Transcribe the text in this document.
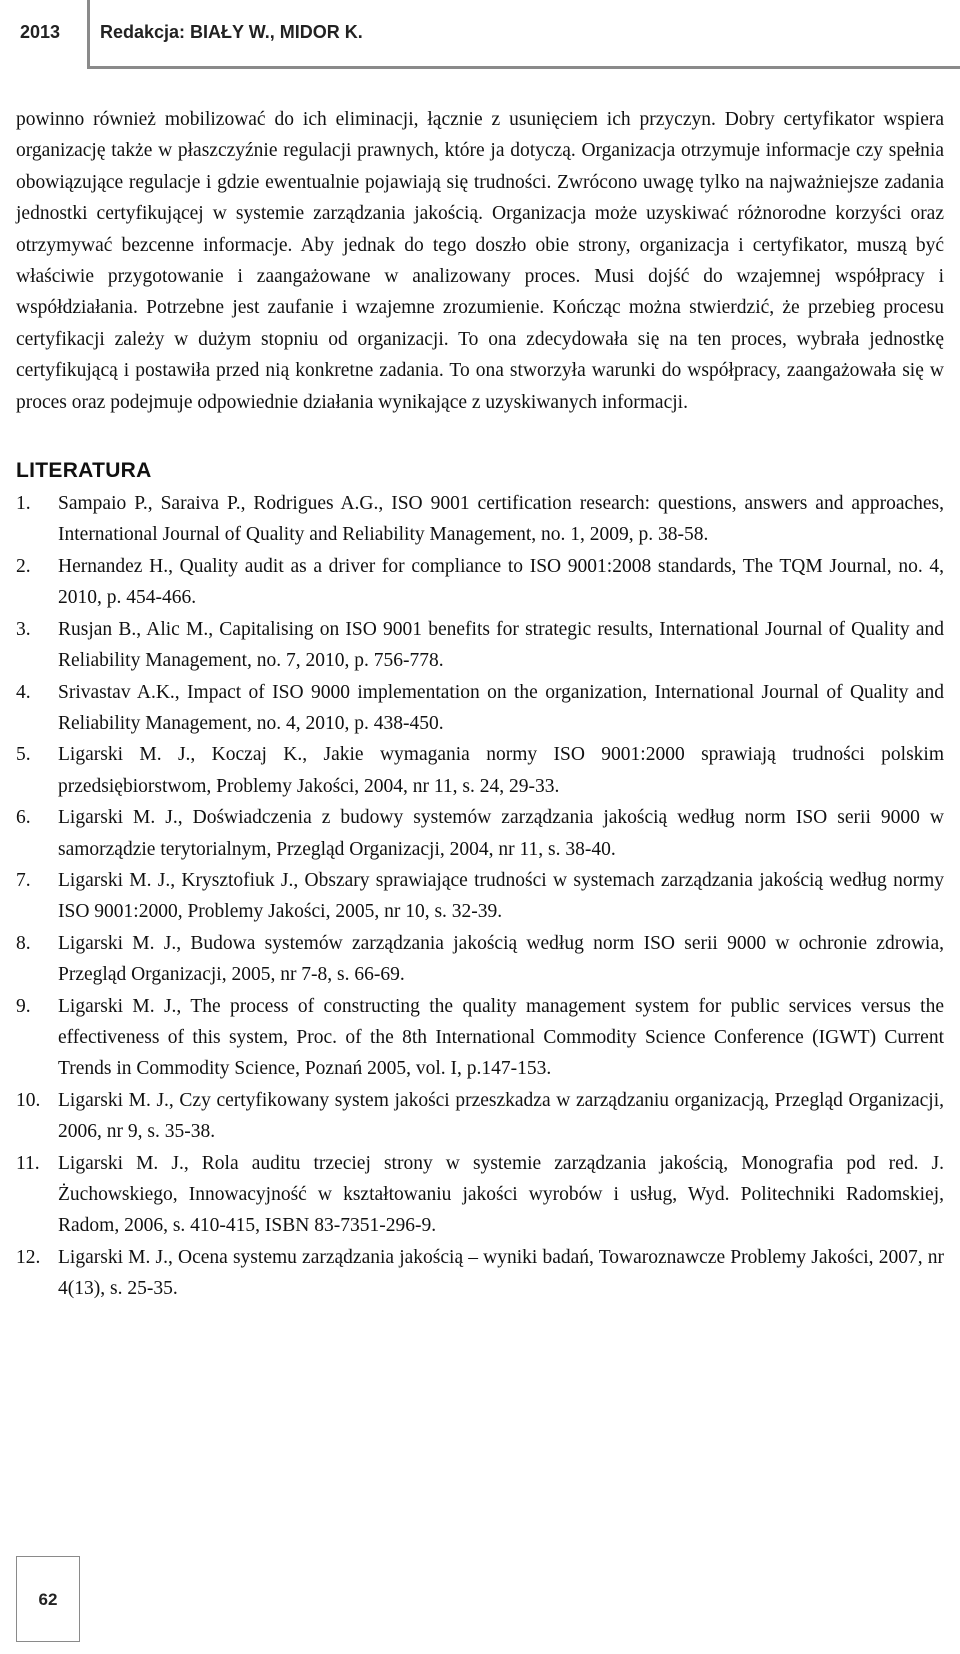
2013 Redakcja: BIAŁY W., MIDOR K.

powinno również mobilizować do ich eliminacji, łącznie z usunięciem ich przyczyn. Dobry certyfikator wspiera organizację także w płaszczyźnie regulacji prawnych, które ja dotyczą. Organizacja otrzymuje informacje czy spełnia obowiązujące regulacje i gdzie ewentualnie pojawiają się trudności. Zwrócono uwagę tylko na najważniejsze zadania jednostki certyfikującej w systemie zarządzania jakością. Organizacja może uzyskiwać różnorodne korzyści oraz otrzymywać bezcenne informacje. Aby jednak do tego doszło obie strony, organizacja i certyfikator, muszą być właściwie przygotowanie i zaangażowane w analizowany proces. Musi dojść do wzajemnej współpracy i współdziałania. Potrzebne jest zaufanie i wzajemne zrozumienie. Kończąc można stwierdzić, że przebieg procesu certyfikacji zależy w dużym stopniu od organizacji. To ona zdecydowała się na ten proces, wybrała jednostkę certyfikującą i postawiła przed nią konkretne zadania. To ona stworzyła warunki do współpracy, zaangażowała się w proces oraz podejmuje odpowiednie działania wynikające z uzyskiwanych informacji.

LITERATURA
1.	Sampaio P., Saraiva P., Rodrigues A.G., ISO 9001 certification research: questions, answers and approaches, International Journal of Quality and Reliability Management, no. 1, 2009, p. 38-58.
2.	Hernandez H., Quality audit as a driver for compliance to ISO 9001:2008 standards, The TQM Journal, no. 4, 2010, p. 454-466.
3.	Rusjan B., Alic M., Capitalising on ISO 9001 benefits for strategic results, International Journal of Quality and Reliability Management, no. 7, 2010, p. 756-778.
4.	Srivastav A.K., Impact of ISO 9000 implementation on the organization, International Journal of Quality and Reliability Management, no. 4, 2010, p. 438-450.
5.	Ligarski M. J., Koczaj K., Jakie wymagania normy ISO 9001:2000 sprawiają trudności polskim przedsiębiorstwom, Problemy Jakości, 2004, nr 11, s. 24, 29-33.
6.	Ligarski M. J., Doświadczenia z budowy systemów zarządzania jakością według norm ISO serii 9000 w samorządzie terytorialnym, Przegląd Organizacji, 2004, nr 11, s. 38-40.
7.	Ligarski M. J., Krysztofiuk J., Obszary sprawiające trudności w systemach zarządzania jakością według normy ISO 9001:2000, Problemy Jakości, 2005, nr 10, s. 32-39.
8.	Ligarski M. J., Budowa systemów zarządzania jakością według norm ISO serii 9000 w ochronie zdrowia, Przegląd Organizacji, 2005, nr 7-8, s. 66-69.
9.	Ligarski M. J., The process of constructing the quality management system for public services versus the effectiveness of this system, Proc. of the 8th International Commodity Science Conference (IGWT) Current Trends in Commodity Science, Poznań 2005, vol. I, p.147-153.
10. Ligarski M. J., Czy certyfikowany system jakości przeszkadza w zarządzaniu organizacją, Przegląd Organizacji, 2006, nr 9, s. 35-38.
11. Ligarski M. J., Rola auditu trzeciej strony w systemie zarządzania jakością, Monografia pod red. J. Żuchowskiego, Innowacyjność w kształtowaniu jakości wyrobów i usług, Wyd. Politechniki Radomskiej, Radom, 2006, s. 410-415, ISBN 83-7351-296-9.
12. Ligarski M. J., Ocena systemu zarządzania jakością – wyniki badań, Towaroznawcze Problemy Jakości, 2007, nr 4(13), s. 25-35.
62
